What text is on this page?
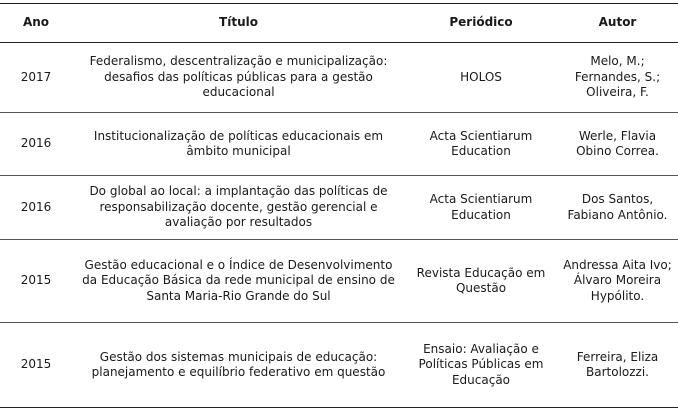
Ano	Título	Periódico	Autor
2017	Federalismo, descentralização e municipalização: desafios das políticas públicas para a gestão educacional	HOLOS	Melo, M.; Fernandes, S.; Oliveira, F.
2016	Institucionalização de políticas educacionais em âmbito municipal	Acta Scientiarum Education	Werle, Flavia Obino Correa.
2016	Do global ao local: a implantação das políticas de responsabilização docente, gestão gerencial e avaliação por resultados	Acta Scientiarum Education	Dos Santos, Fabiano Antônio.
2015	Gestão educacional e o Índice de Desenvolvimento da Educação Básica da rede municipal de ensino de Santa Maria-Rio Grande do Sul	Revista Educação em Questão	Andressa Aita Ivo; Álvaro Moreira Hypólito.
2015	Gestão dos sistemas municipais de educação: planejamento e equilíbrio federativo em questão	Ensaio: Avaliação e Políticas Públicas em Educação	Ferreira, Eliza Bartolozzi.
